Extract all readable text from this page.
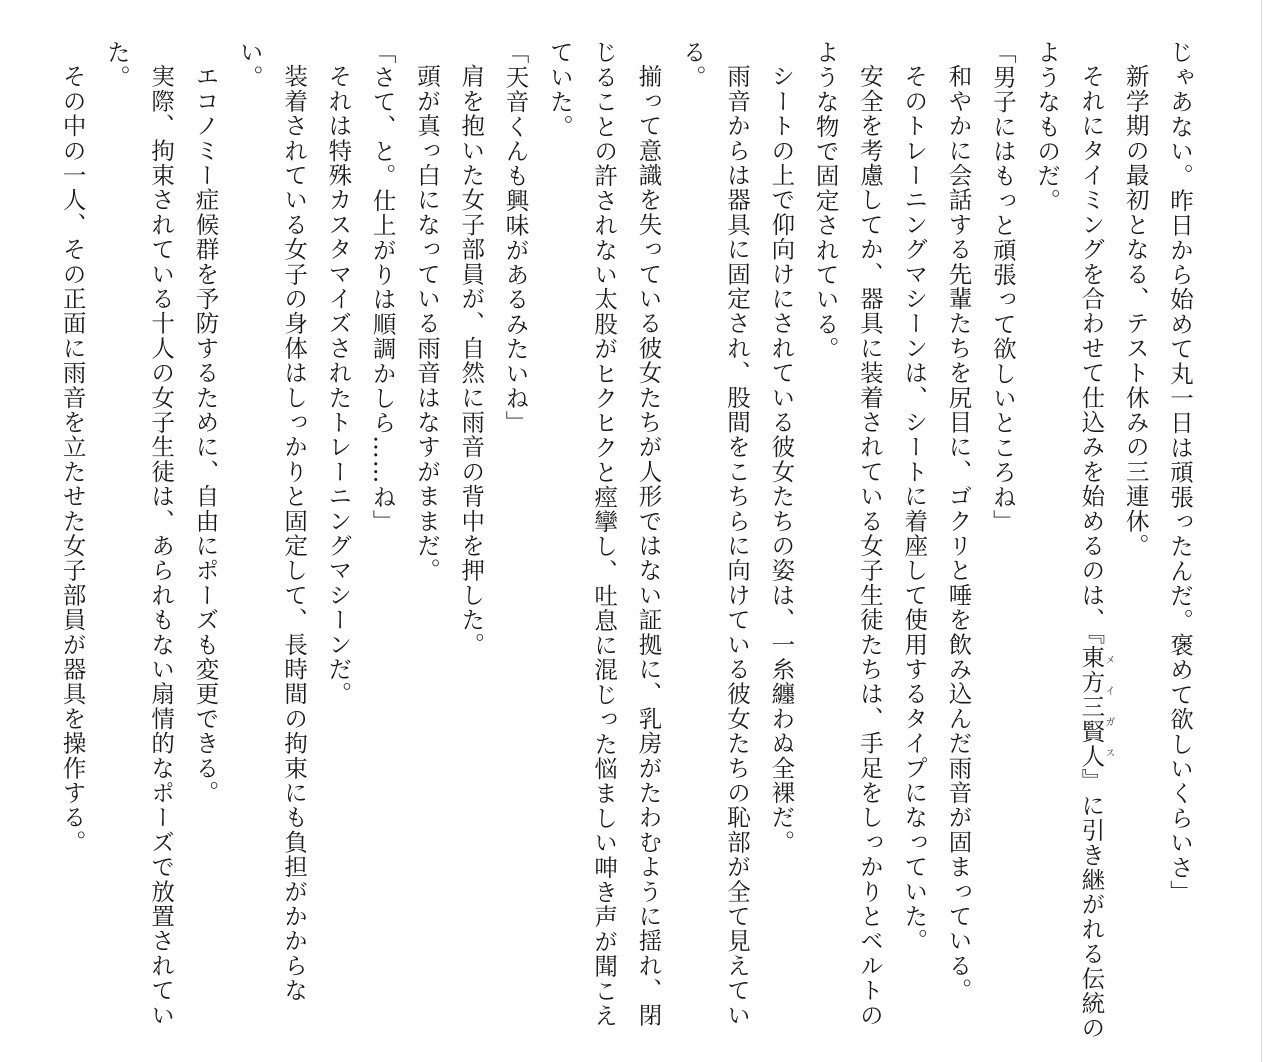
じゃあない。昨日から始めて丸一日は頑張ったんだ。褒めて欲しいくらいさ」

新学期の最初となる、テスト休みの三連休。

それにタイミングを合わせて仕込みを始めるのは、『東方三賢人メイガス』に引き継がれる伝統のようなものだ。

「男子にはもっと頑張って欲しいところね」

和やかに会話する先輩たちを尻目に、ゴクリと唾を飲み込んだ雨音が固まっている。

そのトレーニングマシーンは、シートに着座して使用するタイプになっていた。

安全を考慮してか、器具に装着されている女子生徒たちは、手足をしっかりとベルトのような物で固定されている。

シートの上で仰向けにされている彼女たちの姿は、一糸纏わぬ全裸だ。

雨音からは器具に固定され、股間をこちらに向けている彼女たちの恥部が全て見えている。

揃って意識を失っている彼女たちが人形ではない証拠に、乳房がたわむように揺れ、閉じることの許されない太股がヒクヒクと痙攣し、吐息に混じった悩ましい呻き声が聞こえていた。

「天音くんも興味があるみたいね」

肩を抱いた女子部員が、自然に雨音の背中を押した。

頭が真っ白になっている雨音はなすがままだ。

「さて、と。仕上がりは順調かしら……ね」

それは特殊カスタマイズされたトレーニングマシーンだ。

装着されている女子の身体はしっかりと固定して、長時間の拘束にも負担がかからない。

エコノミー症候群を予防するために、自由にポーズも変更できる。

実際、拘束されている十人の女子生徒は、あられもない扇情的なポーズで放置されていた。

その中の一人、その正面に雨音を立たせた女子部員が器具を操作する。
